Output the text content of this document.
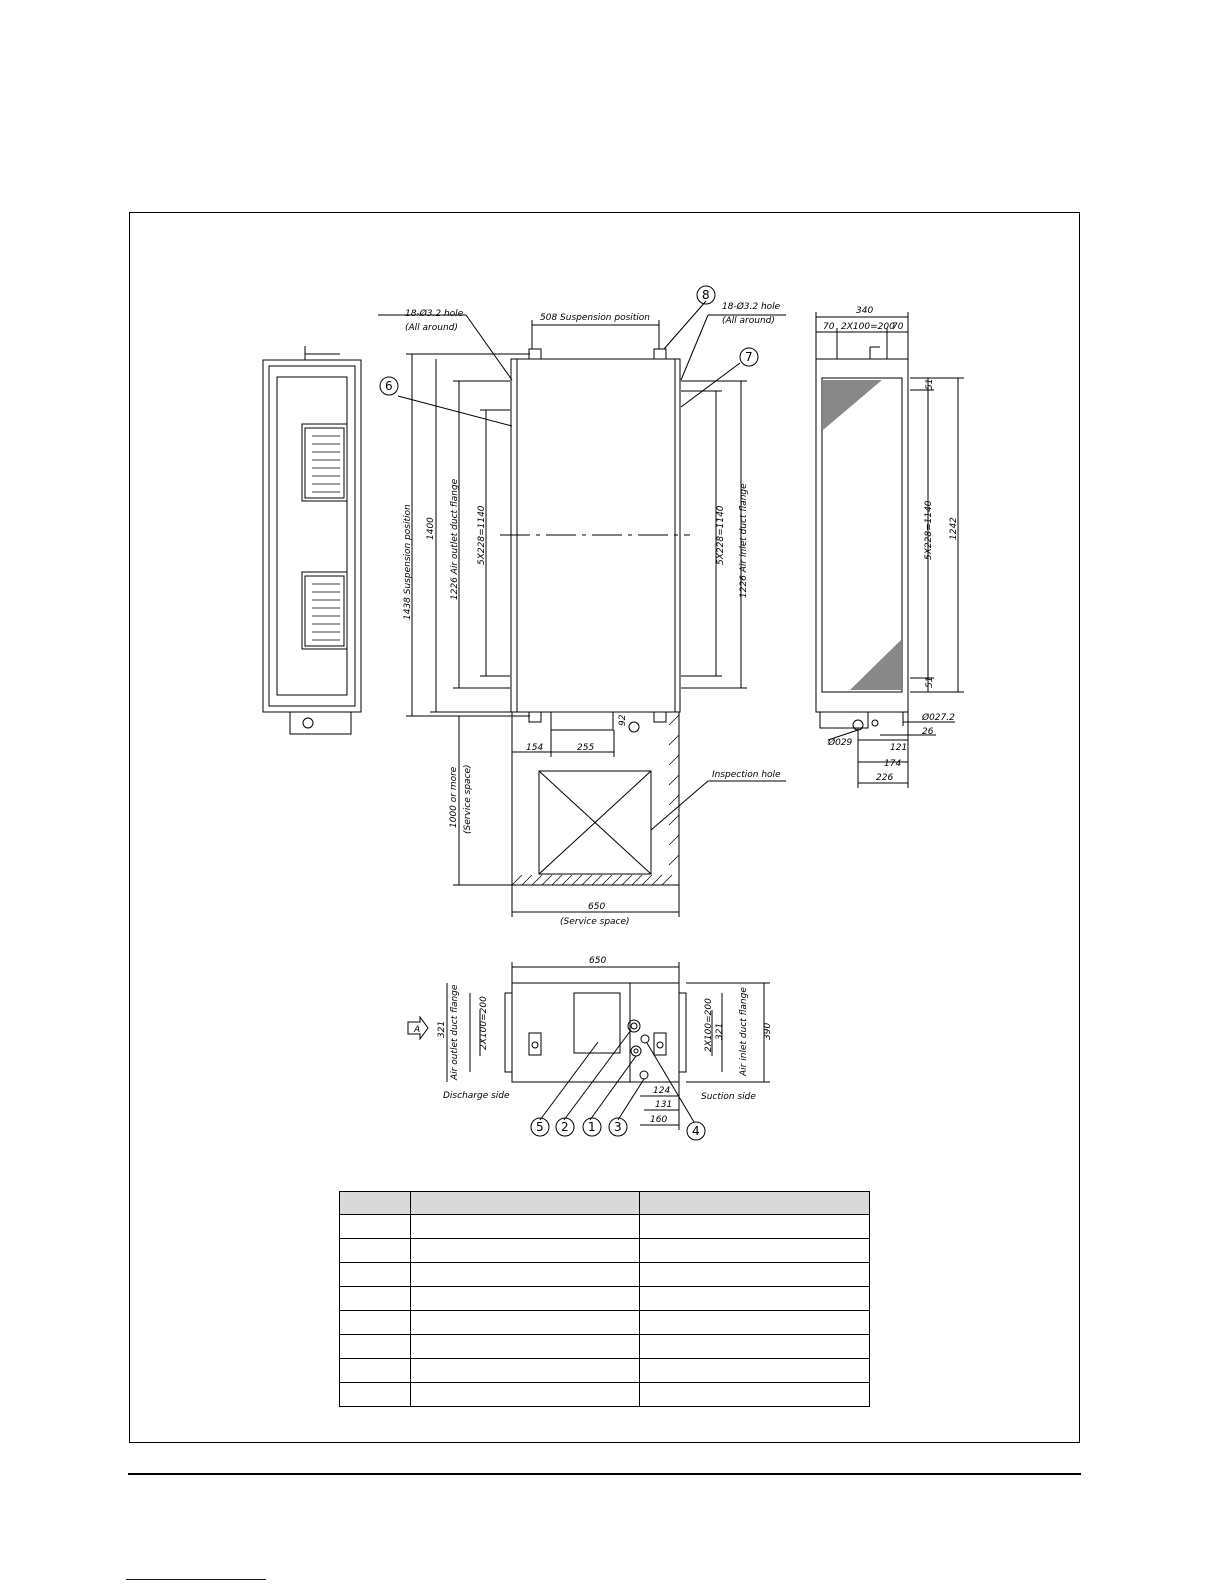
8
7
6
5 2 1 3	4
18-Ø3.2 hole
(All around)
18-Ø3.2 hole
(All around)
508 Suspension position
1438 Suspension position 1400 1226 Air outlet duct flange 5X228=1140	5X228=1140 1226 Air inlet duct flange
154	255
92
1000 or more (Service space)	Inspection hole
650
(Service space)
340
70 2X100=200
70
51
51
5X228=1140 1242
Ø027.2
Ø029
26
121
174
226
650
A 321 Air outlet duct flange 2X100=200	2X100=200 321 Air inlet duct flange 390
Discharge side	Suction side
124
131
160
